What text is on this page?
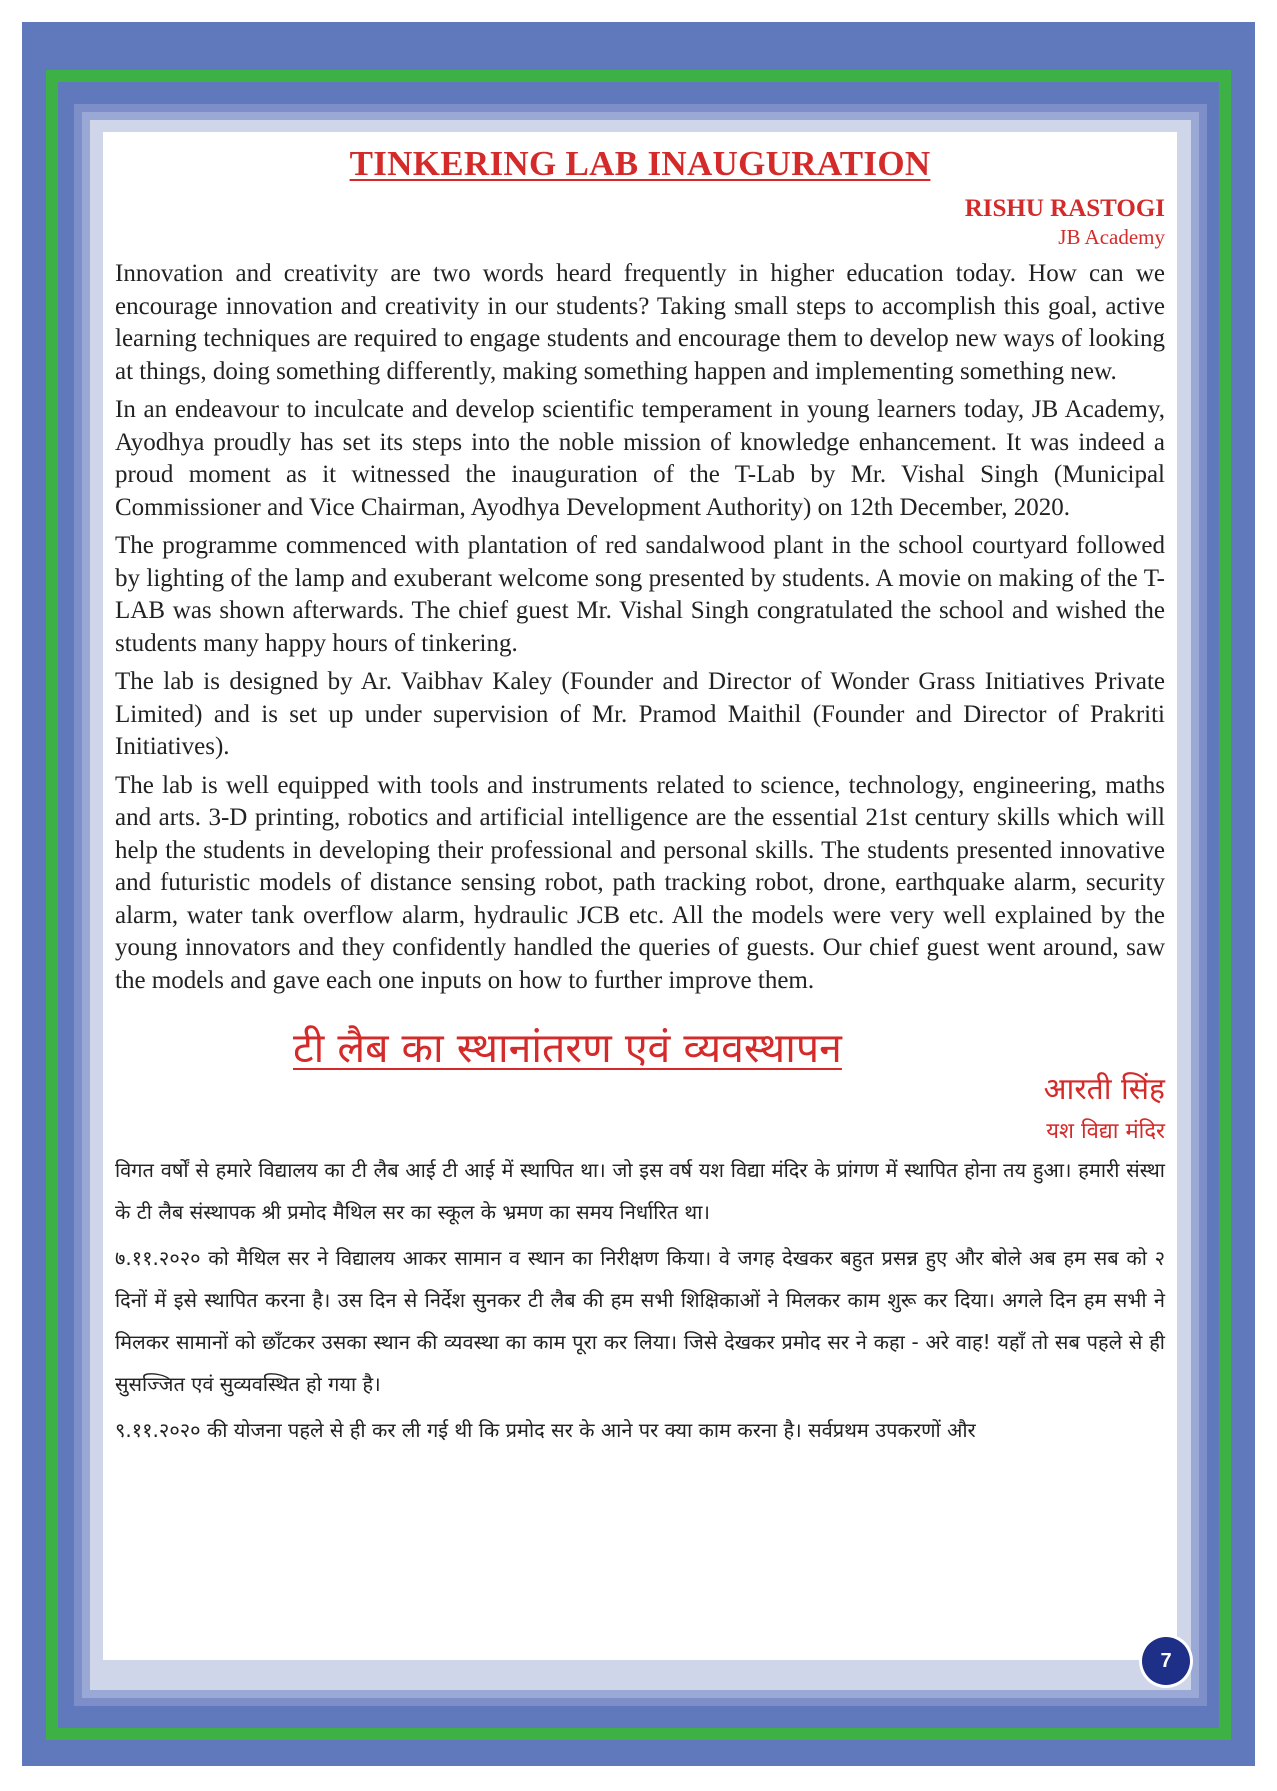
TINKERING LAB INAUGURATION

RISHU RASTOGI

JB Academy

Innovation and creativity are two words heard frequently in higher education today. How can we encourage innovation and creativity in our students? Taking small steps to accomplish this goal, active learning techniques are required to engage students and encourage them to develop new ways of looking at things, doing something differently, making something happen and implementing something new.

In an endeavour to inculcate and develop scientific temperament in young learners today, JB Academy, Ayodhya proudly has set its steps into the noble mission of knowledge enhancement. It was indeed a proud moment as it witnessed the inauguration of the T-Lab by Mr. Vishal Singh (Municipal Commissioner and Vice Chairman, Ayodhya Development Authority) on 12th December, 2020.

The programme commenced with plantation of red sandalwood plant in the school courtyard followed by lighting of the lamp and exuberant welcome song presented by students. A movie on making of the T-LAB was shown afterwards. The chief guest Mr. Vishal Singh congratulated the school and wished the students many happy hours of tinkering.

The lab is designed by Ar. Vaibhav Kaley (Founder and Director of Wonder Grass Initiatives Private Limited) and is set up under supervision of Mr. Pramod Maithil (Founder and Director of Prakriti Initiatives).

The lab is well equipped with tools and instruments related to science, technology, engineering, maths and arts. 3-D printing, robotics and artificial intelligence are the essential 21st century skills which will help the students in developing their professional and personal skills. The students presented innovative and futuristic models of distance sensing robot, path tracking robot, drone, earthquake alarm, security alarm, water tank overflow alarm, hydraulic JCB etc. All the models were very well explained by the young innovators and they confidently handled the queries of guests. Our chief guest went around, saw the models and gave each one inputs on how to further improve them.

टी लैब का स्थानांतरण एवं व्यवस्थापन
आरती सिंह
यश विद्या मंदिर

विगत वर्षों से हमारे विद्यालय का टी लैब आई टी आई में स्थापित था। जो इस वर्ष यश विद्या मंदिर के प्रांगण में स्थापित होना तय हुआ। हमारी संस्था के टी लैब संस्थापक श्री प्रमोद मैथिल सर का स्कूल के भ्रमण का समय निर्धारित था।

७.११.२०२० को मैथिल सर ने विद्यालय आकर सामान व स्थान का निरीक्षण किया। वे जगह देखकर बहुत प्रसन्न हुए और बोले अब हम सब को २ दिनों में इसे स्थापित करना है। उस दिन से निर्देश सुनकर टी लैब की हम सभी शिक्षिकाओं ने मिलकर काम शुरू कर दिया। अगले दिन हम सभी ने मिलकर सामानों को छाँटकर उसका स्थान की व्यवस्था का काम पूरा कर लिया। जिसे देखकर प्रमोद सर ने कहा - अरे वाह! यहाँ तो सब पहले से ही सुसज्जित एवं सुव्यवस्थित हो गया है।

९.११.२०२० की योजना पहले से ही कर ली गई थी कि प्रमोद सर के आने पर क्या काम करना है। सर्वप्रथम उपकरणों और

7
